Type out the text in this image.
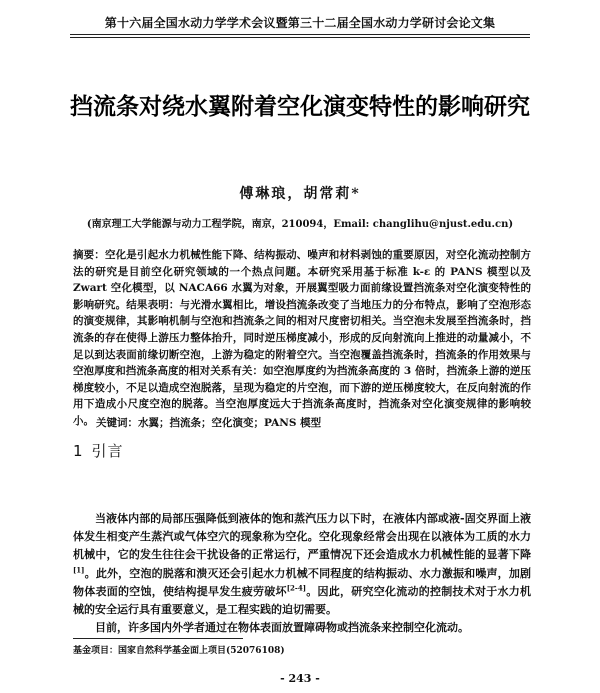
第十六届全国水动力学学术会议暨第三十二届全国水动力学研讨会论文集
挡流条对绕水翼附着空化演变特性的影响研究
傅琳琅，胡常莉*
(南京理工大学能源与动力工程学院，南京，210094，Email: changlihu@njust.edu.cn)
摘要：空化是引起水力机械性能下降、结构振动、噪声和材料剥蚀的重要原因，对空化流动控制方法的研究是目前空化研究领域的一个热点问题。本研究采用基于标准 k-ε 的 PANS 模型以及 Zwart 空化模型，以 NACA66 水翼为对象，开展翼型吸力面前缘设置挡流条对空化演变特性的影响研究。结果表明：与光滑水翼相比，增设挡流条改变了当地压力的分布特点，影响了空泡形态的演变规律，其影响机制与空泡和挡流条之间的相对尺度密切相关。当空泡未发展至挡流条时，挡流条的存在使得上游压力整体抬升，同时逆压梯度减小，形成的反向射流向上推进的动量减小，不足以到达表面前缘切断空泡，上游为稳定的附着空穴。当空泡覆盖挡流条时，挡流条的作用效果与空泡厚度和挡流条高度的相对关系有关：如空泡厚度约为挡流条高度的 3 倍时，挡流条上游的逆压梯度较小，不足以造成空泡脱落，呈现为稳定的片空泡，而下游的逆压梯度较大，在反向射流的作用下造成小尺度空泡的脱落。当空泡厚度远大于挡流条高度时，挡流条对空化演变规律的影响较小。 关键词：水翼；挡流条；空化演变；PANS 模型
1 引言

当液体内部的局部压强降低到液体的饱和蒸汽压力以下时，在液体内部或液-固交界面上液体发生相变产生蒸汽或气体空穴的现象称为空化。空化现象经常会出现在以液体为工质的水力机械中，它的发生往往会干扰设备的正常运行，严重情况下还会造成水力机械性能的显著下降[1]。此外，空泡的脱落和溃灭还会引起水力机械不同程度的结构振动、水力激振和噪声，加剧物体表面的空蚀，使结构提早发生疲劳破坏[2-4]。因此，研究空化流动的控制技术对于水力机械的安全运行具有重要意义，是工程实践的迫切需要。

目前，许多国内外学者通过在物体表面放置障碍物或挡流条来控制空化流动。

基金项目：国家自然科学基金面上项目(52076108)
- 243 -
